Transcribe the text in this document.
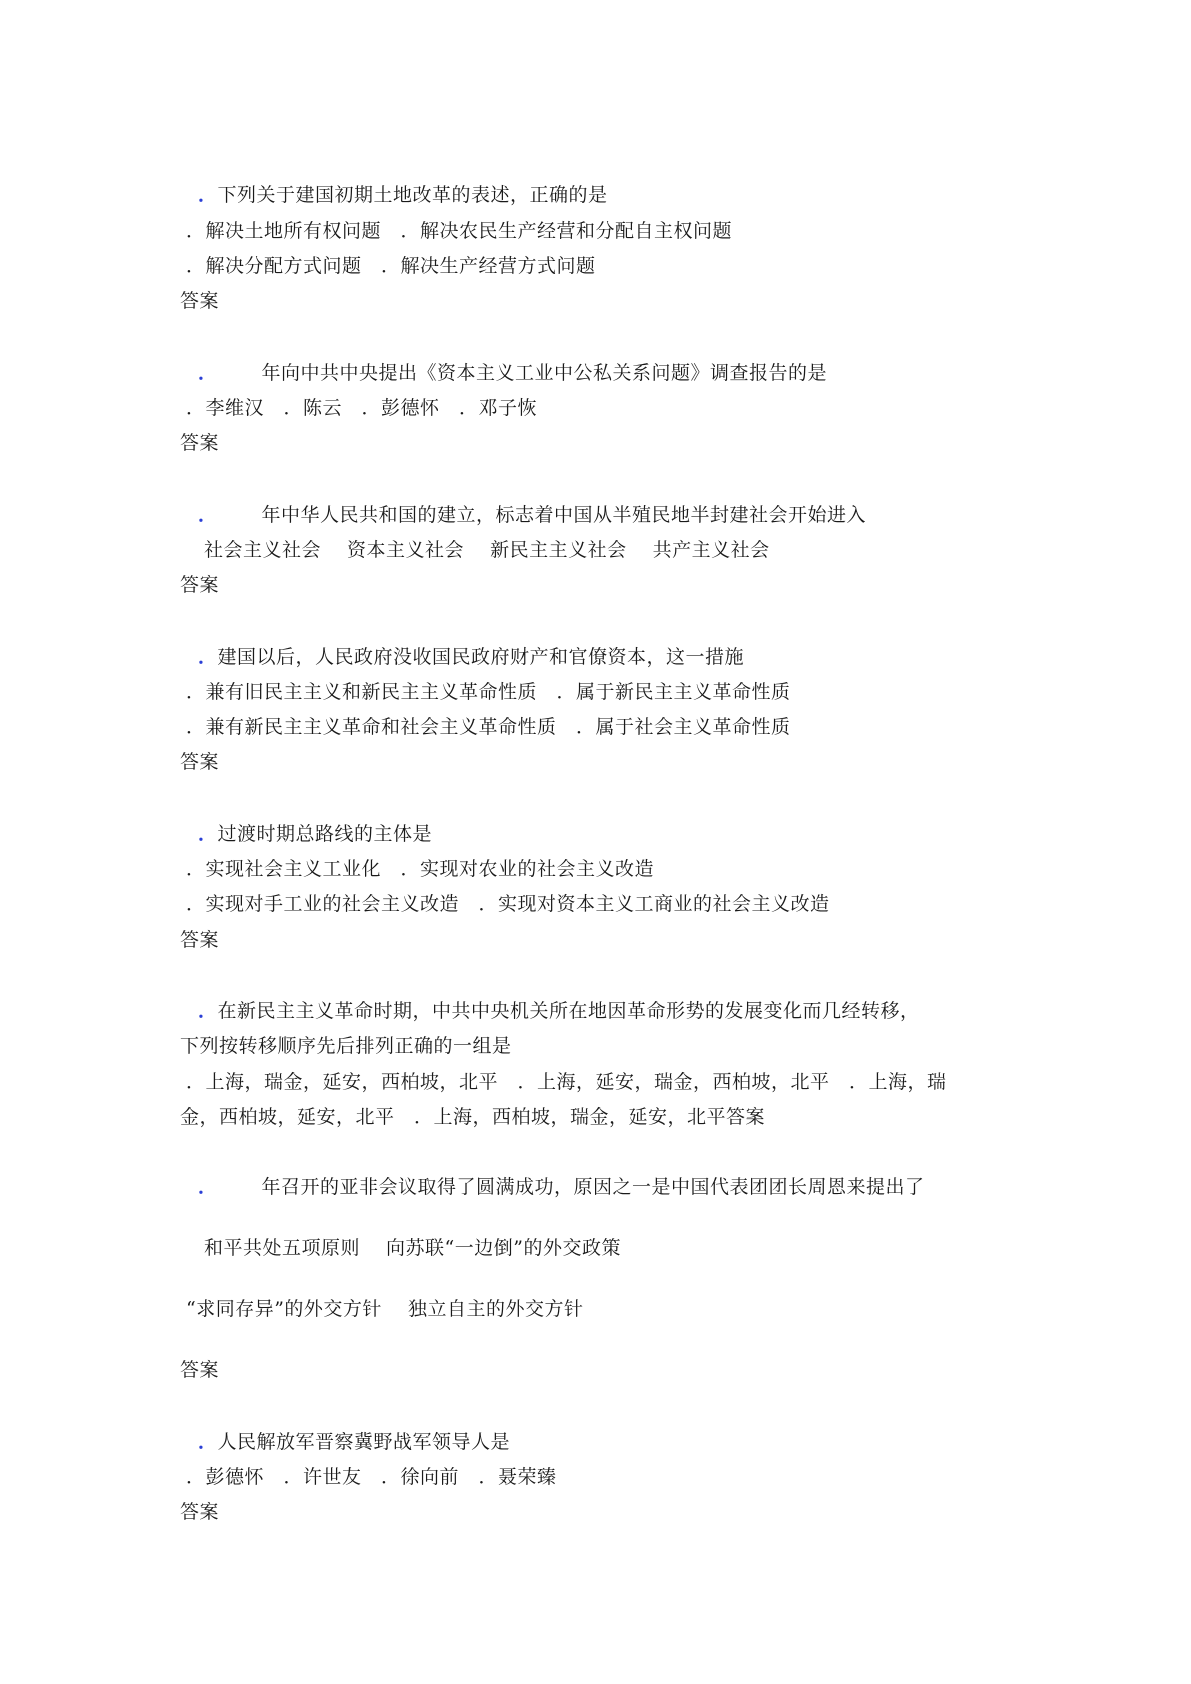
．下列关于建国初期土地改革的表述，正确的是
．解决土地所有权问题　．解决农民生产经营和分配自主权问题
．解决分配方式问题　．解决生产经营方式问题
答案
． 年向中共中央提出《资本主义工业中公私关系问题》调查报告的是
．李维汉　．陈云　．彭德怀　．邓子恢
答案
． 年中华人民共和国的建立，标志着中国从半殖民地半封建社会开始进入
社会主义社会　 资本主义社会　 新民主主义社会　 共产主义社会
答案
．建国以后，人民政府没收国民政府财产和官僚资本，这一措施
．兼有旧民主主义和新民主主义革命性质　．属于新民主主义革命性质
．兼有新民主主义革命和社会主义革命性质　．属于社会主义革命性质
答案
．过渡时期总路线的主体是
．实现社会主义工业化　．实现对农业的社会主义改造
．实现对手工业的社会主义改造　．实现对资本主义工商业的社会主义改造
答案
．在新民主主义革命时期，中共中央机关所在地因革命形势的发展变化而几经转移，
下列按转移顺序先后排列正确的一组是
．上海，瑞金，延安，西柏坡，北平　．上海，延安，瑞金，西柏坡，北平　．上海，瑞
金，西柏坡，延安，北平　．上海，西柏坡，瑞金，延安，北平答案
． 年召开的亚非会议取得了圆满成功，原因之一是中国代表团团长周恩来提出了
和平共处五项原则　 向苏联“一边倒”的外交政策
“求同存异”的外交方针　 独立自主的外交方针
答案
．人民解放军晋察冀野战军领导人是
．彭德怀　．许世友　．徐向前　．聂荣臻
答案
